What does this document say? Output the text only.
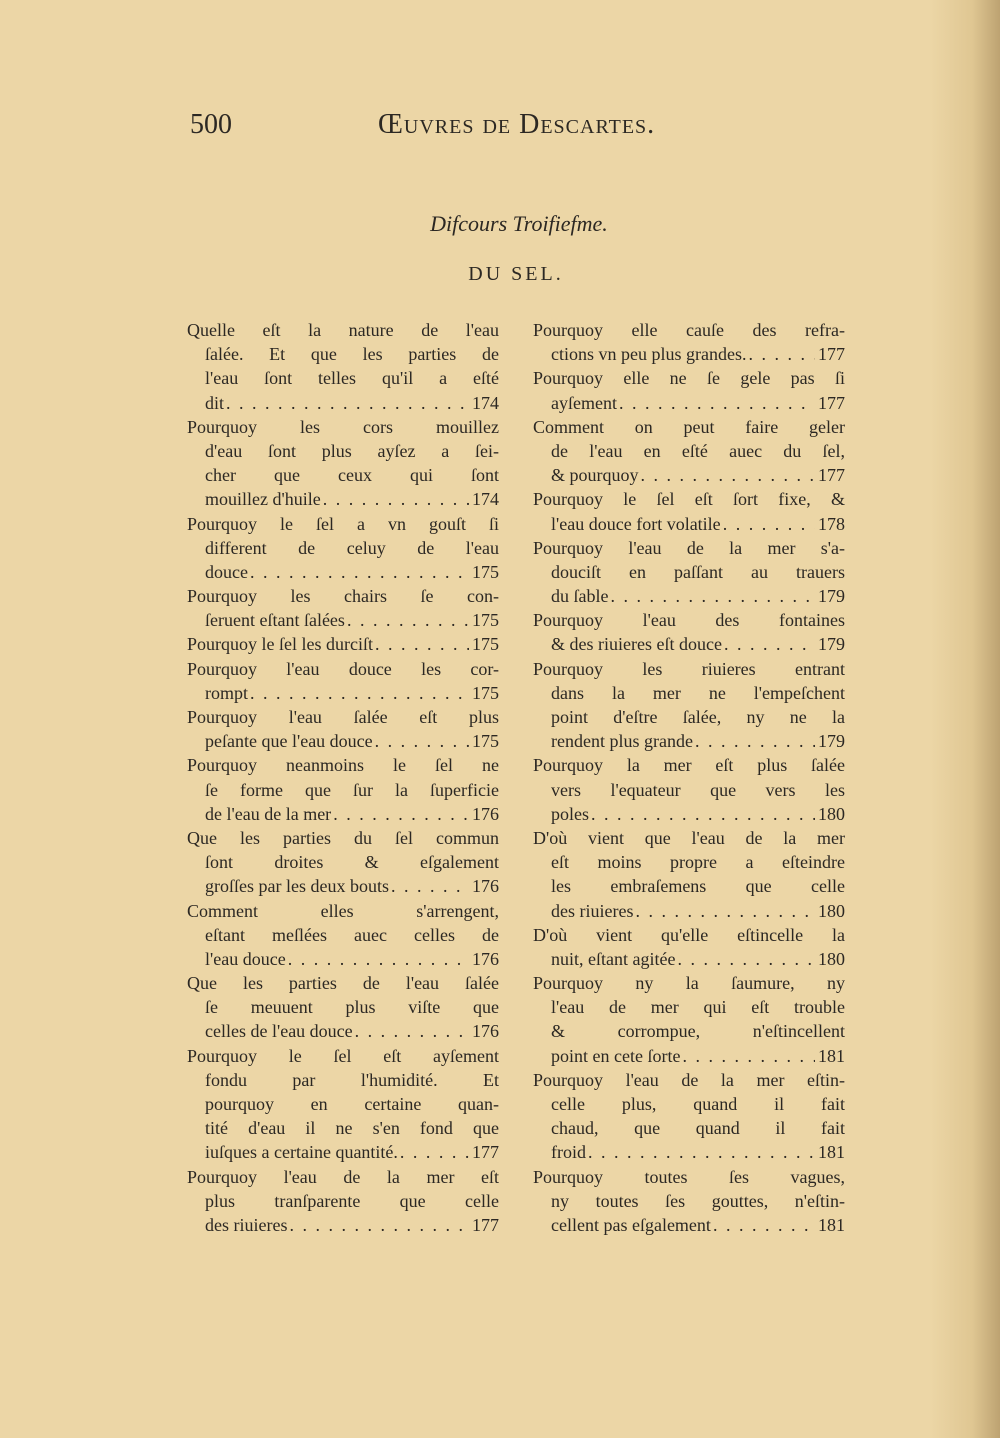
500	Œuvres de Descartes.
Difcours Troifiefme.
DU SEL.
Quelle eſt la nature de l'eau
ſalée. Et que les parties de
l'eau ſont telles qu'il a eſté
dit . . .	174
Pourquoy les cors mouillez
d'eau ſont plus ayſez a ſei-
cher que ceux qui ſont
mouillez d'huile . . .	174
Pourquoy le ſel a vn gouſt ſi
different de celuy de l'eau
douce . . .	175
Pourquoy les chairs ſe con-
ſeruent eſtant ſalées . . .	175
Pourquoy le ſel les durciſt . . .	175
Pourquoy l'eau douce les cor-
rompt . . .	175
Pourquoy l'eau ſalée eſt plus
peſante que l'eau douce . . .	175
Pourquoy neanmoins le ſel ne
ſe forme que ſur la ſuperficie
de l'eau de la mer . . .	176
Que les parties du ſel commun
ſont droites & eſgalement
groſſes par les deux bouts . . .	176
Comment elles s'arrengent,
eſtant meſlées auec celles de
l'eau douce . . .	176
Que les parties de l'eau ſalée
ſe meuuent plus viſte que
celles de l'eau douce . . .	176
Pourquoy le ſel eſt ayſement
fondu par l'humidité. Et
pourquoy en certaine quan-
tité d'eau il ne s'en fond que
iuſques a certaine quantité. . . .	177
Pourquoy l'eau de la mer eſt
plus tranſparente que celle
des riuieres . . .	177
Pourquoy elle cauſe des refra-
ctions vn peu plus grandes. . . .	177
Pourquoy elle ne ſe gele pas ſi
ayſement . . .	177
Comment on peut faire geler
de l'eau en eſté auec du ſel,
& pourquoy . . .	177
Pourquoy le ſel eſt ſort fixe, &
l'eau douce fort volatile . . .	178
Pourquoy l'eau de la mer s'a-
douciſt en paſſant au trauers
du ſable . . .	179
Pourquoy l'eau des fontaines
& des riuieres eſt douce . . .	179
Pourquoy les riuieres entrant
dans la mer ne l'empeſchent
point d'eſtre ſalée, ny ne la
rendent plus grande . . .	179
Pourquoy la mer eſt plus ſalée
vers l'equateur que vers les
poles . . .	180
D'où vient que l'eau de la mer
eſt moins propre a eſteindre
les embraſemens que celle
des riuieres . . .	180
D'où vient qu'elle eſtincelle la
nuit, eſtant agitée . . .	180
Pourquoy ny la ſaumure, ny
l'eau de mer qui eſt trouble
& corrompue, n'eſtincellent
point en cete ſorte . . .	181
Pourquoy l'eau de la mer eſtin-
celle plus, quand il fait
chaud, que quand il fait
froid . . .	181
Pourquoy toutes ſes vagues,
ny toutes ſes gouttes, n'eſtin-
cellent pas eſgalement . . .	181
